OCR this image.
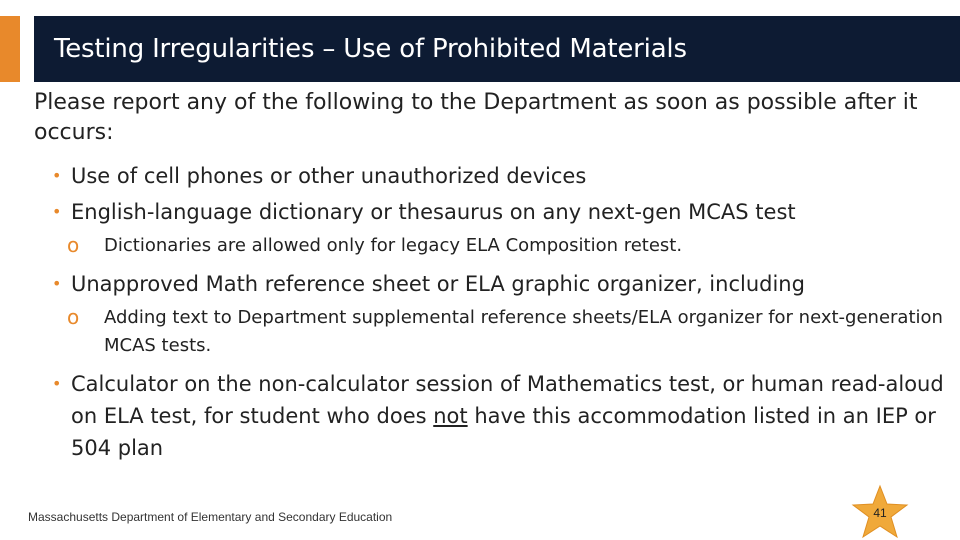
Testing Irregularities – Use of Prohibited Materials
Please report any of the following to the Department as soon as possible after it occurs:
• Use of cell phones or other unauthorized devices
• English-language dictionary or thesaurus on any next-gen MCAS test
o Dictionaries are allowed only for legacy ELA Composition retest.
• Unapproved Math reference sheet or ELA graphic organizer, including
o Adding text to Department supplemental reference sheets/ELA organizer for next-generation MCAS tests.
• Calculator on the non-calculator session of Mathematics test, or human read-aloud on ELA test, for student who does not have this accommodation listed in an IEP or 504 plan
Massachusetts Department of Elementary and Secondary Education	41
